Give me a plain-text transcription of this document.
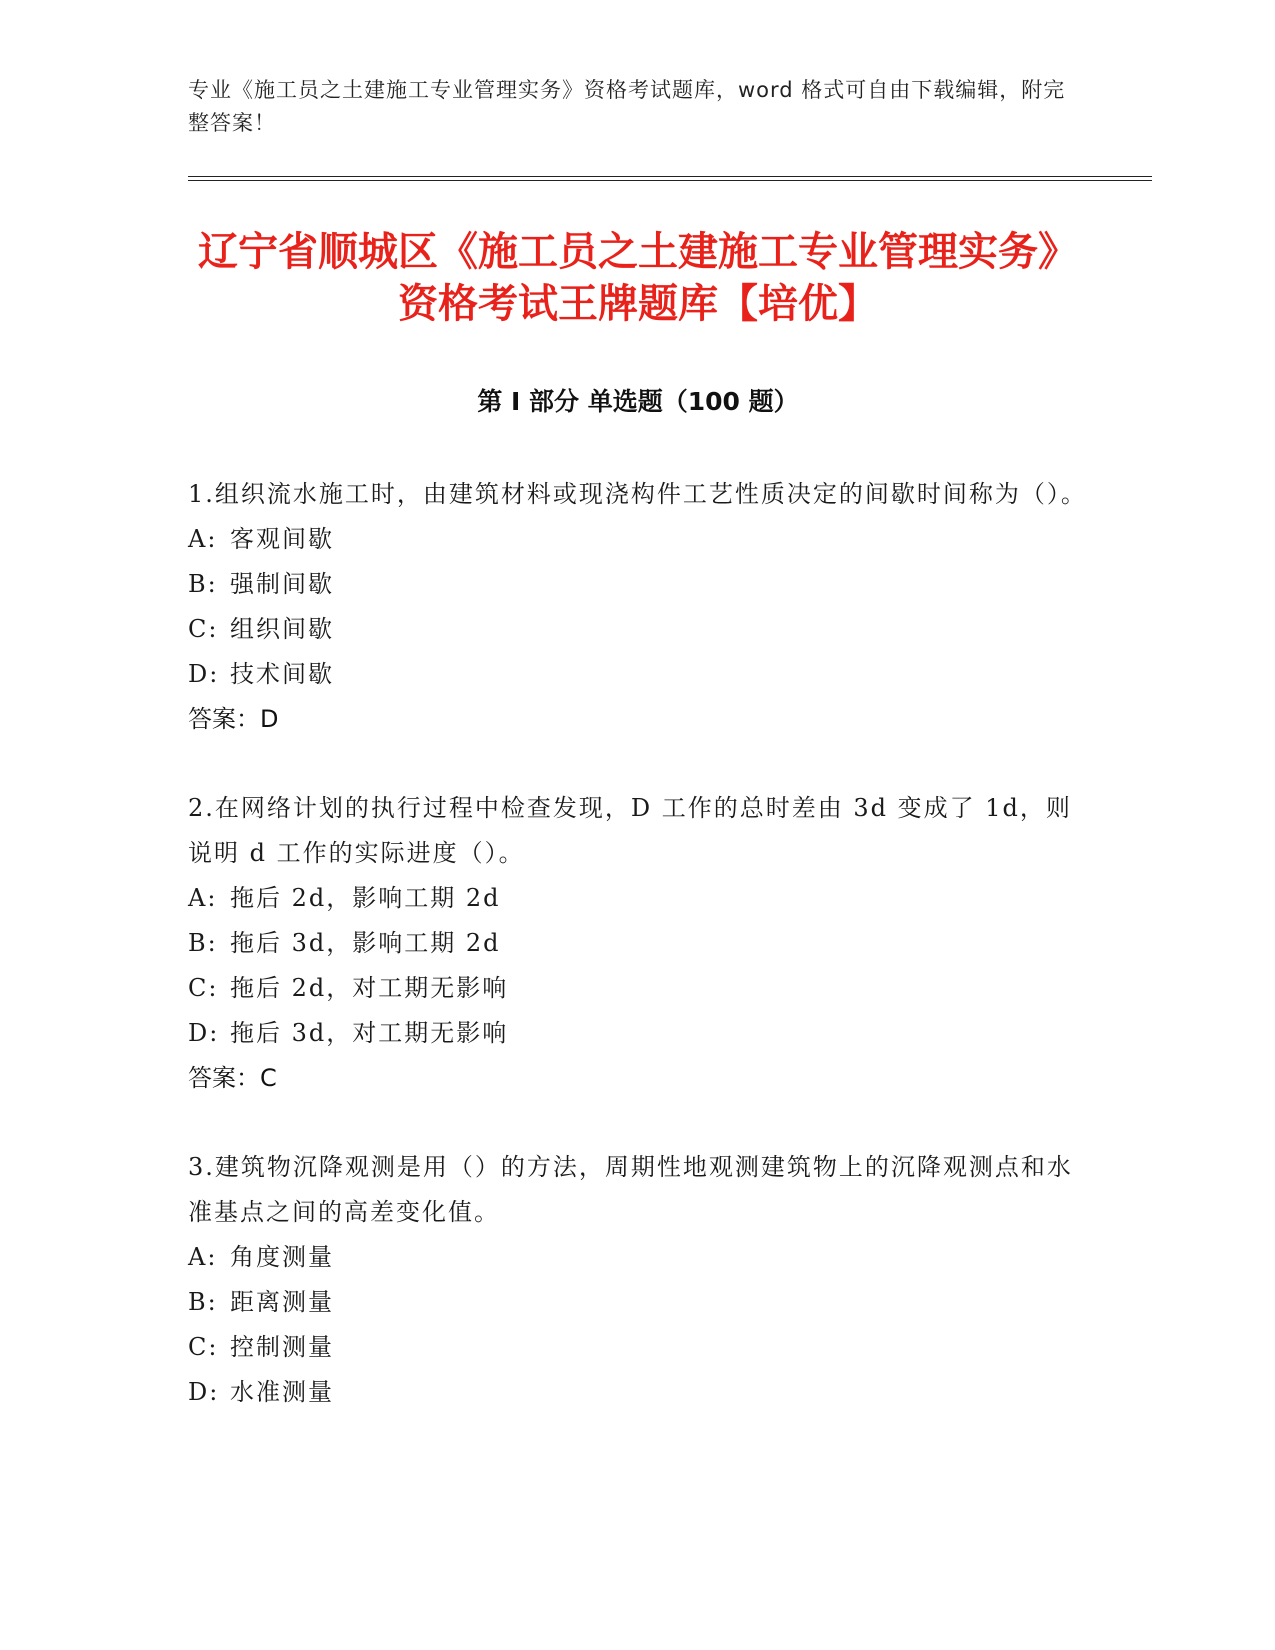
专业《施工员之土建施工专业管理实务》资格考试题库，word 格式可自由下载编辑，附完整答案！
辽宁省顺城区《施工员之土建施工专业管理实务》资格考试王牌题库【培优】
第 I 部分 单选题（100 题）

1.组织流水施工时，由建筑材料或现浇构件工艺性质决定的间歇时间称为（）。

A: 客观间歇

B: 强制间歇

C: 组织间歇

D: 技术间歇

答案：D

2.在网络计划的执行过程中检查发现，D 工作的总时差由 3d 变成了 1d，则说明 d 工作的实际进度（）。

A: 拖后 2d，影响工期 2d

B: 拖后 3d，影响工期 2d

C: 拖后 2d，对工期无影响

D: 拖后 3d，对工期无影响

答案：C

3.建筑物沉降观测是用（）的方法，周期性地观测建筑物上的沉降观测点和水准基点之间的高差变化值。

A: 角度测量

B: 距离测量

C: 控制测量

D: 水准测量
